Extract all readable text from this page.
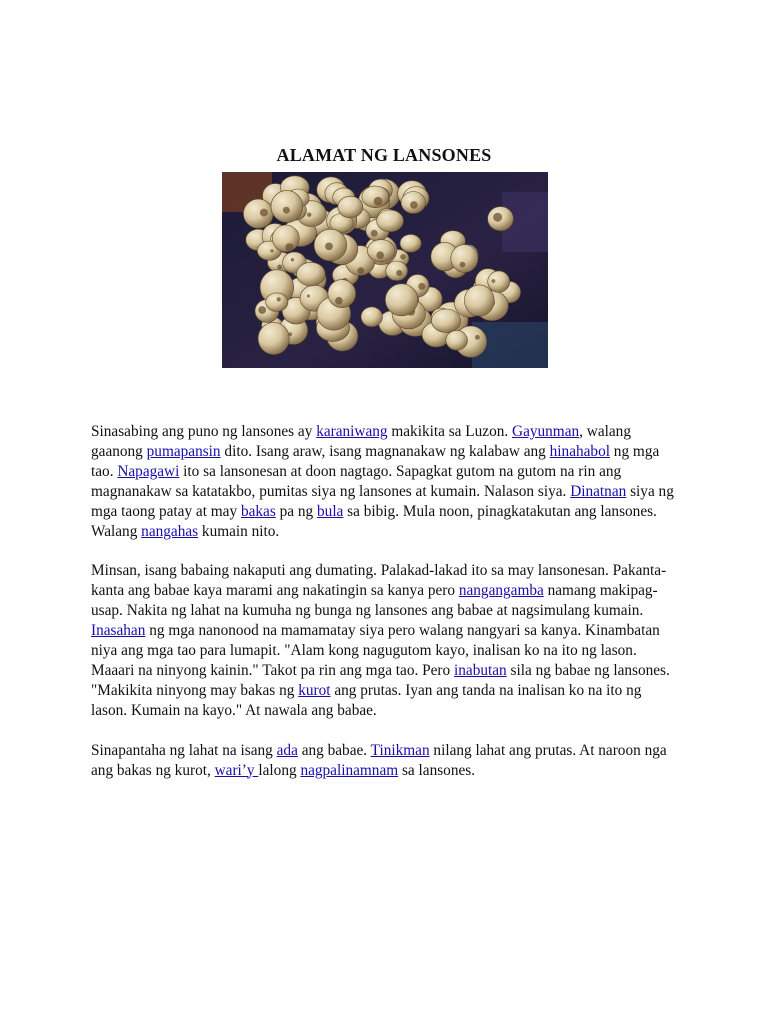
ALAMAT NG LANSONES

Sinasabing ang puno ng lansones ay karaniwang makikita sa Luzon. Gayunman, walang gaanong pumapansin dito. Isang araw, isang magnanakaw ng kalabaw ang hinahabol ng mga tao. Napagawi ito sa lansonesan at doon nagtago. Sapagkat gutom na gutom na rin ang magnanakaw sa katatakbo, pumitas siya ng lansones at kumain. Nalason siya. Dinatnan siya ng mga taong patay at may bakas pa ng bula sa bibig. Mula noon, pinagkatakutan ang lansones. Walang nangahas kumain nito.

Minsan, isang babaing nakaputi ang dumating. Palakad-lakad ito sa may lansonesan. Pakanta-kanta ang babae kaya marami ang nakatingin sa kanya pero nangangamba namang makipag-usap. Nakita ng lahat na kumuha ng bunga ng lansones ang babae at nagsimulang kumain. Inasahan ng mga nanonood na mamamatay siya pero walang nangyari sa kanya. Kinambatan niya ang mga tao para lumapit. "Alam kong nagugutom kayo, inalisan ko na ito ng lason. Maaari na ninyong kainin." Takot pa rin ang mga tao. Pero inabutan sila ng babae ng lansones. "Makikita ninyong may bakas ng kurot ang prutas. Iyan ang tanda na inalisan ko na ito ng lason. Kumain na kayo." At nawala ang babae.

Sinapantaha ng lahat na isang ada ang babae. Tinikman nilang lahat ang prutas. At naroon nga ang bakas ng kurot, wari’y lalong nagpalinamnam sa lansones.
